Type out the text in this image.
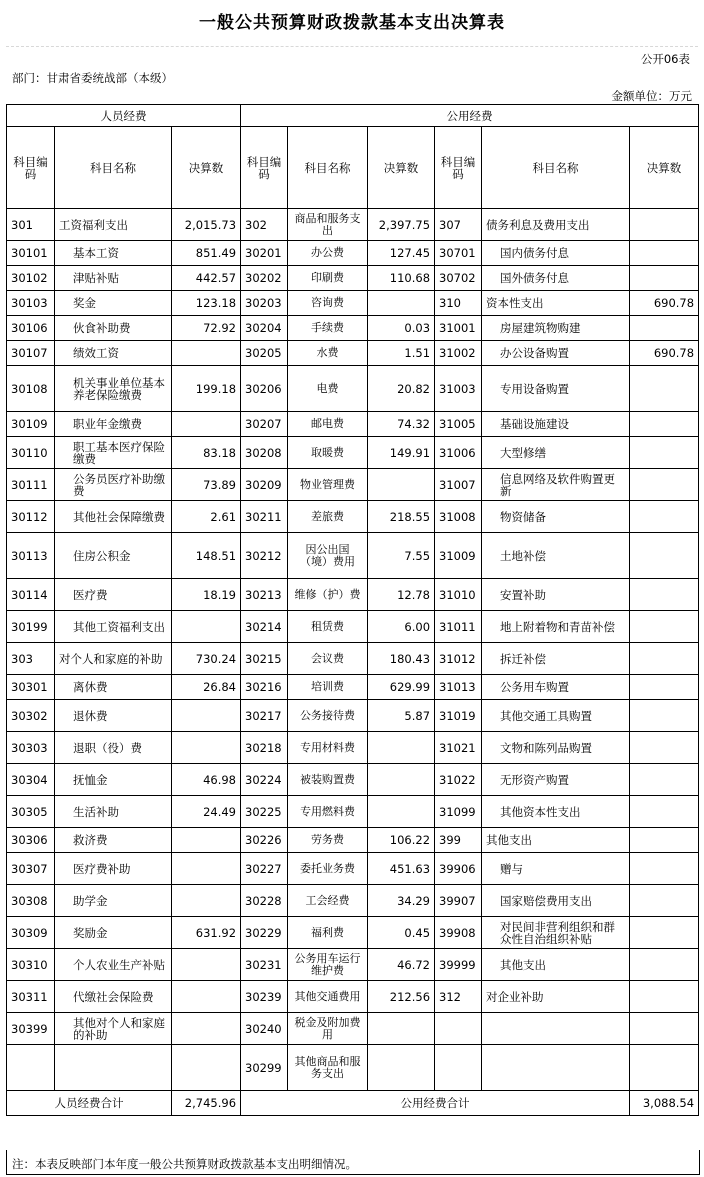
一般公共预算财政拨款基本支出决算表
公开06表
部门：甘肃省委统战部（本级）
金额单位：万元
人员经费			公用经费					
科目编码	科目名称	决算数	科目编码	科目名称	决算数	科目编码	科目名称	决算数
301	工资福利支出	2,015.73	302	商品和服务支出	2,397.75	307	债务利息及费用支出	
30101	基本工资	851.49	30201	办公费	127.45	30701	国内债务付息	
30102	津贴补贴	442.57	30202	印刷费	110.68	30702	国外债务付息	
30103	奖金	123.18	30203	咨询费		310	资本性支出	690.78
30106	伙食补助费	72.92	30204	手续费	0.03	31001	房屋建筑物购建	
30107	绩效工资		30205	水费	1.51	31002	办公设备购置	690.78
30108	机关事业单位基本养老保险缴费	199.18	30206	电费	20.82	31003	专用设备购置	
30109	职业年金缴费		30207	邮电费	74.32	31005	基础设施建设	
30110	职工基本医疗保险缴费	83.18	30208	取暖费	149.91	31006	大型修缮	
30111	公务员医疗补助缴费	73.89	30209	物业管理费		31007	信息网络及软件购置更新	
30112	其他社会保障缴费	2.61	30211	差旅费	218.55	31008	物资储备	
30113	住房公积金	148.51	30212	因公出国（境）费用	7.55	31009	土地补偿	
30114	医疗费	18.19	30213	维修（护）费	12.78	31010	安置补助	
30199	其他工资福利支出		30214	租赁费	6.00	31011	地上附着物和青苗补偿	
303	对个人和家庭的补助	730.24	30215	会议费	180.43	31012	拆迁补偿	
30301	离休费	26.84	30216	培训费	629.99	31013	公务用车购置	
30302	退休费		30217	公务接待费	5.87	31019	其他交通工具购置	
30303	退职（役）费		30218	专用材料费		31021	文物和陈列品购置	
30304	抚恤金	46.98	30224	被装购置费		31022	无形资产购置	
30305	生活补助	24.49	30225	专用燃料费		31099	其他资本性支出	
30306	救济费		30226	劳务费	106.22	399	其他支出	
30307	医疗费补助		30227	委托业务费	451.63	39906	赠与	
30308	助学金		30228	工会经费	34.29	39907	国家赔偿费用支出	
30309	奖励金	631.92	30229	福利费	0.45	39908	对民间非营利组织和群众性自治组织补贴	
30310	个人农业生产补贴		30231	公务用车运行维护费	46.72	39999	其他支出	
30311	代缴社会保险费		30239	其他交通费用	212.56	312	对企业补助	
30399	其他对个人和家庭的补助		30240	税金及附加费用				
			30299	其他商品和服务支出				
人员经费合计		2,745.96	公用经费合计					3,088.54
注：本表反映部门本年度一般公共预算财政拨款基本支出明细情况。
